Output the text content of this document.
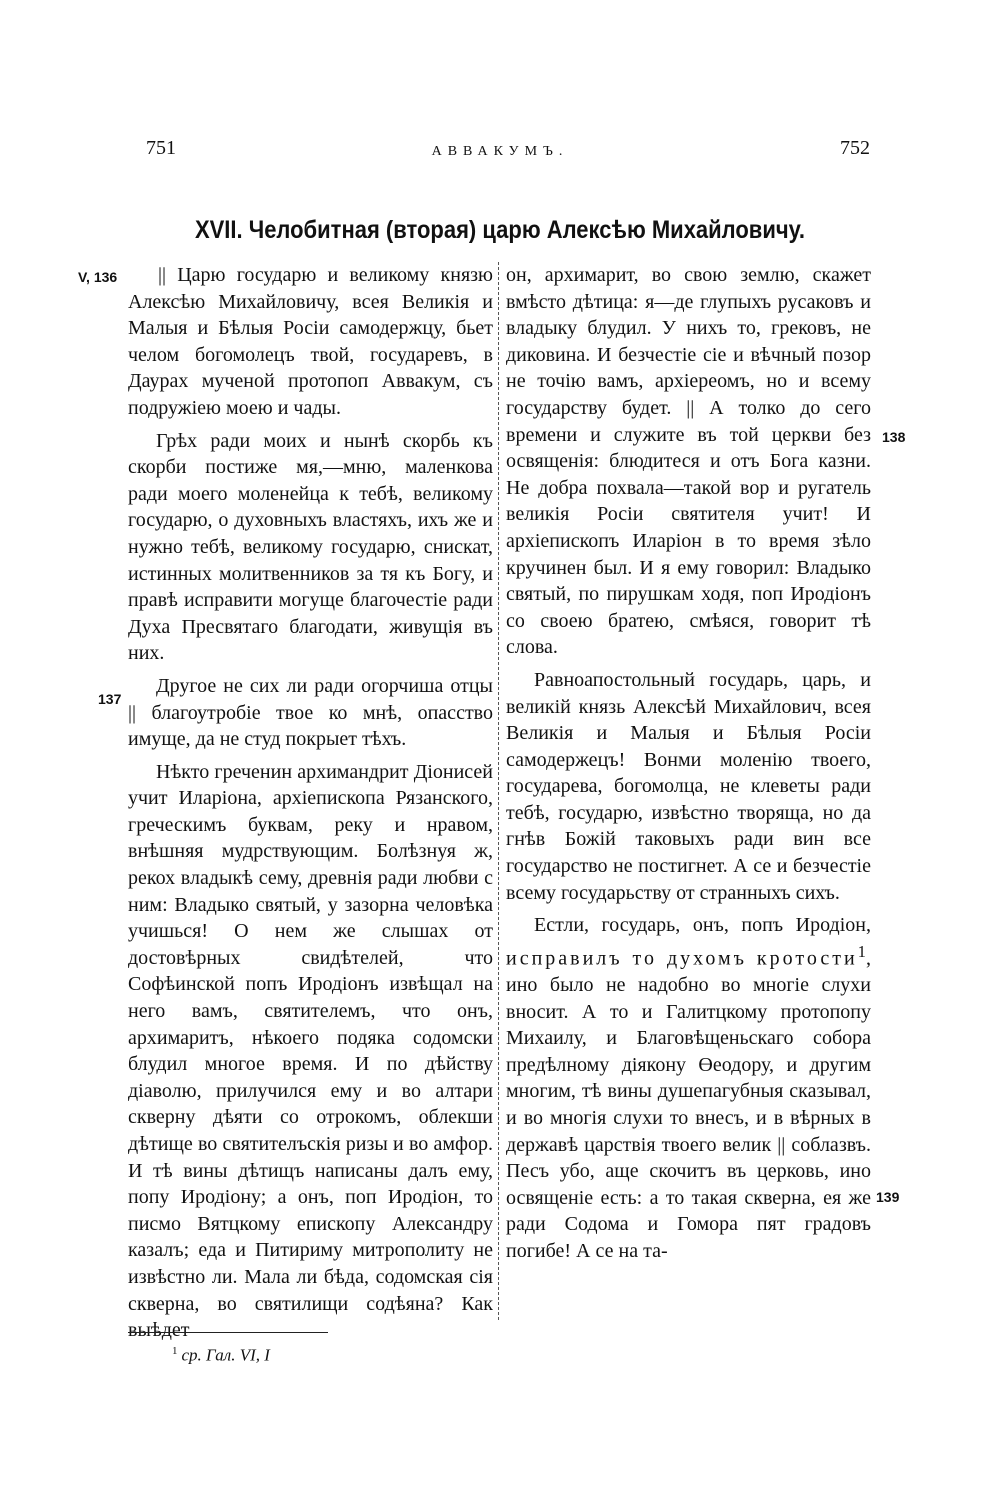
751	АВВАКУМЪ.	752
XVII. Челобитная (вторая) царю Алексѣю Михайловичу.
V, 136
137
138
139

|| Царю государю и великому князю Алексѣю Михайловичу, всея Великія и Малыя и Бѣлыя Росіи самодержцу, бьет челом богомолецъ твой, государевъ, в Даурах мученой протопоп Аввакум, съ подружіею моею и чады.

Грѣх ради моих и нынѣ скорбь къ скорби постиже мя,—мню, маленкова ради моего моленейца к тебѣ, великому государю, о духовныхъ властяхъ, ихъ же и нужно тебѣ, великому государю, снискат, истинных молитвенников за тя къ Богу, и правѣ исправити могуще благочестіе ради Духа Пресвятаго благодати, живущія въ них.

Другое не сих ли ради огорчиша отцы || благоутробіе твое ко мнѣ, опасство имуще, да не студ покрыет тѣхъ.

Нѣкто греченин архимандрит Діонисей учит Иларіона, архіепископа Рязанского, греческимъ буквам, реку и нравом, внѣшняя мудрствующим. Болѣзнуя ж, рекох владыкѣ сему, древнія ради любви с ним: Владыко святый, у зазорна человѣка учишься! О нем же слышах от достовѣрных свидѣтелей, что Софѣинской попъ Иродіонъ извѣщал на него вамъ, святителемъ, что онъ, архимаритъ, нѣкоего подяка содомски блудил многое время. И по дѣйству діаволю, прилучился ему и во алтари скверну дѣяти со отрокомъ, облекши дѣтище во святителъскія ризы и во амфор. И тѣ вины дѣтищъ написаны далъ ему, попу Иродіону; а онъ, поп Иродіон, то писмо Вятцкому епископу Александру казалъ; еда и Питириму митрополиту не извѣстно ли. Мала ли бѣда, содомская сія скверна, во святилищи содѣяна? Как выѣдет

он, архимарит, во свою землю, скажет вмѣсто дѣтица: я—де глупыхъ русаковъ и владыку блудил. У нихъ то, грековъ, не диковина. И безчестіе сіе и вѣчный позор не точію вамъ, архіереомъ, но и всему государству будет. || А толко до сего времени и служите въ той церкви без освященія: блюдитеся и отъ Бога казни. Не добра похвала—такой вор и ругатель великія Росіи святителя учит! И архіепископъ Иларіон в то время зѣло кручинен был. И я ему говорил: Владыко святый, по пирушкам ходя, поп Иродіонъ со своею братею, смѣяся, говорит тѣ слова.

Равноапостольный государь, царь, и великій князь Алексѣй Михайлович, всея Великія и Малыя и Бѣлыя Росіи самодержецъ! Вонми моленію твоего, государева, богомолца, не клеветы ради тебѣ, государю, извѣстно творяща, но да гнѣв Божій таковыхъ ради вин все государство не постигнет. А се и безчестіе всему государьству от странныхъ сихъ.

Естли, государь, онъ, попъ Иродіон, исправилъ то духомъ кротости$^1$, ино было не надобно во многіе слухи вносит. А то и Галитцкому протопопу Михаилу, и Благовѣщеньскаго собора предѣлному діякону Өеодору, и другим многим, тѣ вины душепагубныя сказывал, и во многія слухи то внесъ, и в вѣрных в державѣ царствія твоего велик || соблазвъ. Песъ убо, аще скочитъ въ церковь, ино освященіе есть: а то такая скверна, ея же ради Содома и Гомора пят градовъ погибе! А се на та-

$^1$ ср. Гал. VI, I
